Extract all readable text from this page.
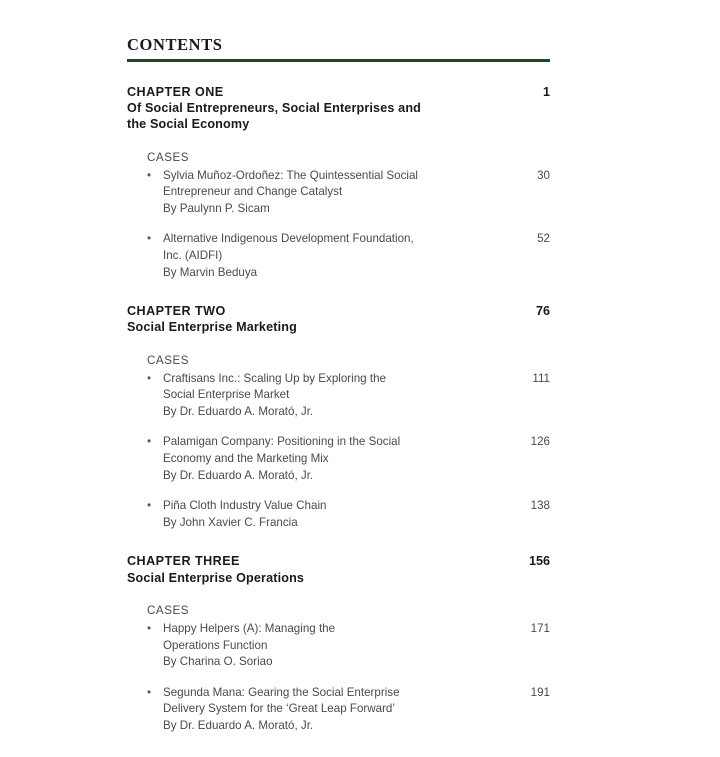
CONTENTS
CHAPTER ONE
Of Social Entrepreneurs, Social Enterprises and
the Social Economy
1
CASES
• Sylvia Muñoz-Ordoñez: The Quintessential Social
Entrepreneur and Change Catalyst
By Paulynn P. Sicam
30
• Alternative Indigenous Development Foundation,
Inc. (AIDFI)
By Marvin Beduya
52
CHAPTER TWO
Social Enterprise Marketing
76
CASES
• Craftisans Inc.: Scaling Up by Exploring the
Social Enterprise Market
By Dr. Eduardo A. Morató, Jr.
111
• Palamigan Company: Positioning in the Social
Economy and the Marketing Mix
By Dr. Eduardo A. Morató, Jr.
126
• Piña Cloth Industry Value Chain
By John Xavier C. Francia
138
CHAPTER THREE
Social Enterprise Operations
156
CASES
• Happy Helpers (A): Managing the
Operations Function
By Charina O. Soriao
171
• Segunda Mana: Gearing the Social Enterprise
Delivery System for the ‘Great Leap Forward’
By Dr. Eduardo A. Morató, Jr.
191
